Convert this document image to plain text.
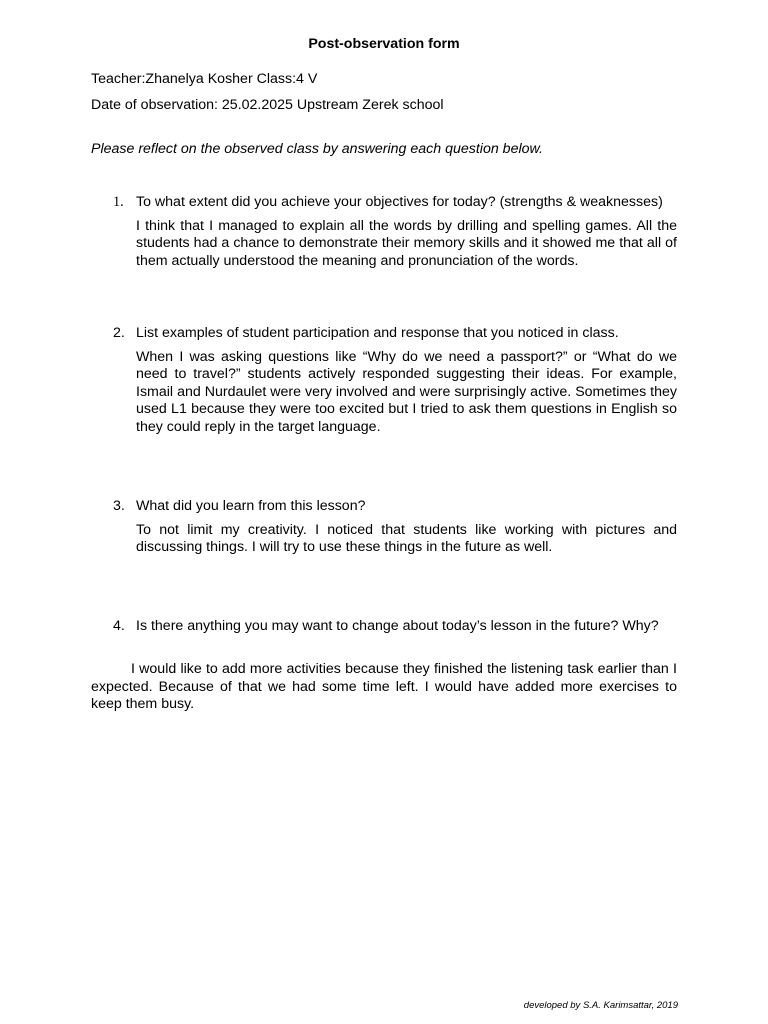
Post-observation form
Teacher:Zhanelya Kosher Class:4 V
Date of observation: 25.02.2025 Upstream Zerek school
Please reflect on the observed class by answering each question below.
1. To what extent did you achieve your objectives for today? (strengths & weaknesses)
I think that I managed to explain all the words by drilling and spelling games. All the students had a chance to demonstrate their memory skills and it showed me that all of them actually understood the meaning and pronunciation of the words.
2. List examples of student participation and response that you noticed in class.
When I was asking questions like “Why do we need a passport?” or “What do we need to travel?” students actively responded suggesting their ideas. For example, Ismail and Nurdaulet were very involved and were surprisingly active. Sometimes they used L1 because they were too excited but I tried to ask them questions in English so they could reply in the target language.
3. What did you learn from this lesson?
To not limit my creativity. I noticed that students like working with pictures and discussing things. I will try to use these things in the future as well.
4. Is there anything you may want to change about today’s lesson in the future? Why?
I would like to add more activities because they finished the listening task earlier than I expected. Because of that we had some time left. I would have added more exercises to keep them busy.
developed by S.A. Karimsattar, 2019
